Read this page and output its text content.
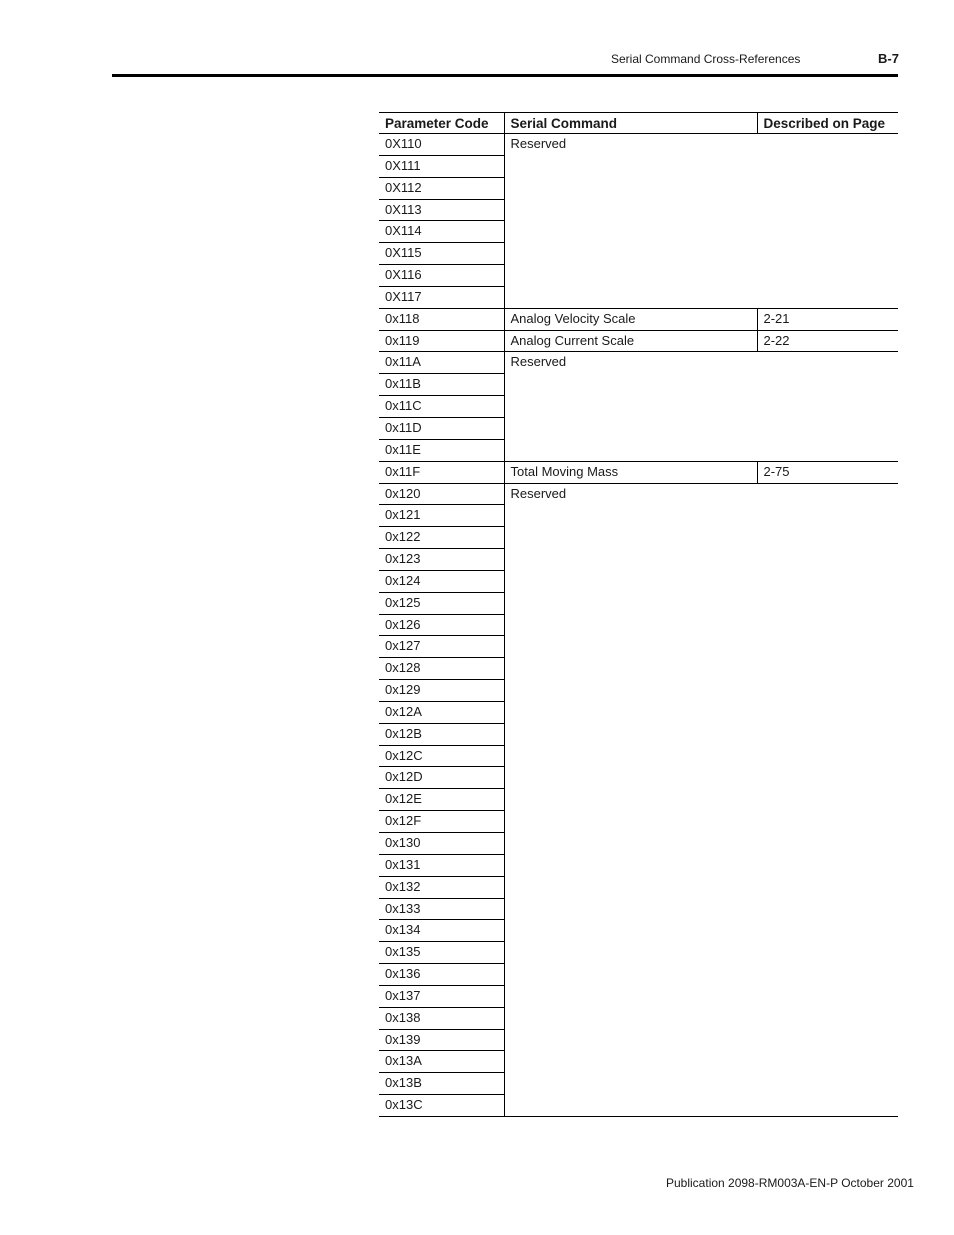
Serial Command Cross-References	B-7
Parameter Code	Serial Command	Described on Page
0X110	Reserved	
0X111		
0X112		
0X113		
0X114		
0X115		
0X116		
0X117		
0x118	Analog Velocity Scale	2-21
0x119	Analog Current Scale	2-22
0x11A	Reserved	
0x11B		
0x11C		
0x11D		
0x11E		
0x11F	Total Moving Mass	2-75
0x120	Reserved	
0x121		
0x122		
0x123		
0x124		
0x125		
0x126		
0x127		
0x128		
0x129		
0x12A		
0x12B		
0x12C		
0x12D		
0x12E		
0x12F		
0x130		
0x131		
0x132		
0x133		
0x134		
0x135		
0x136		
0x137		
0x138		
0x139		
0x13A		
0x13B		
0x13C		
Publication 2098-RM003A-EN-P October 2001
